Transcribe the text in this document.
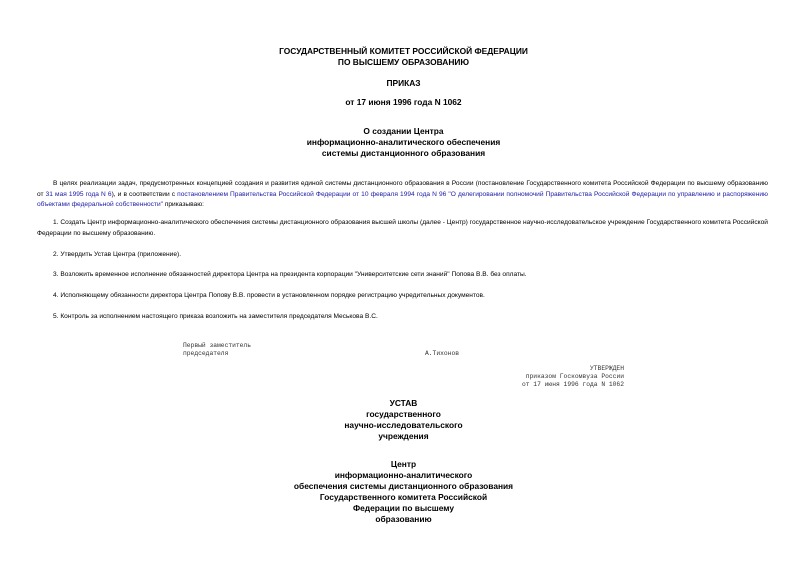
ГОСУДАРСТВЕННЫЙ КОМИТЕТ РОССИЙСКОЙ ФЕДЕРАЦИИ
ПО ВЫСШЕМУ ОБРАЗОВАНИЮ
ПРИКАЗ
от 17 июня 1996 года N 1062
О создании Центра
информационно-аналитического обеспечения
системы дистанционного образования
В целях реализации задач, предусмотренных концепцией создания и развития единой системы дистанционного образования в России (постановление Государственного комитета Российской Федерации по высшему образованию от 31 мая 1995 года N 6), и в соответствии с постановлением Правительства Российской Федерации от 10 февраля 1994 года N 96 "О делегировании полномочий Правительства Российской Федерации по управлению и распоряжению объектами федеральной собственности" приказываю:
1. Создать Центр информационно-аналитического обеспечения системы дистанционного образования высшей школы (далее - Центр) государственное научно-исследовательское учреждение Государственного комитета Российской Федерации по высшему образованию.
2. Утвердить Устав Центра (приложение).
3. Возложить временное исполнение обязанностей директора Центра на президента корпорации "Университетские сети знаний" Попова В.В. без оплаты.
4. Исполняющему обязанности директора Центра Попову В.В. провести в установленном порядке регистрацию учредительных документов.
5. Контроль за исполнением настоящего приказа возложить на заместителя председателя Мeськова В.С.
Первый заместитель
председателя	А.Тихонов
УТВЕРЖДЕН
приказом Госкомвуза России
от 17 июня 1996 года N 1062
УСТАВ
государственного
научно-исследовательского
учреждения
Центр
информационно-аналитического
обеспечения системы дистанционного образования
Государственного комитета Российской
Федерации по высшему
образованию
